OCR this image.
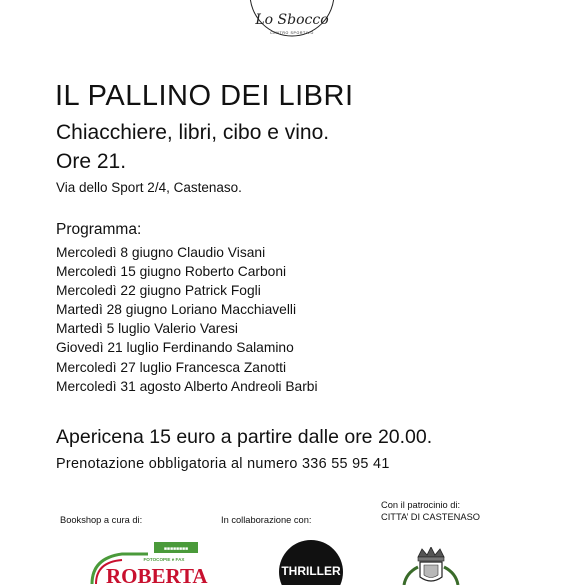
Lo Sbocco
CENTRO SPORTIVO
IL PALLINO DEI LIBRI
Chiacchiere, libri, cibo e vino.
Ore 21.
Via dello Sport 2/4, Castenaso.
Programma:
Mercoledì 8 giugno Claudio Visani
Mercoledì 15 giugno Roberto Carboni
Mercoledì 22 giugno Patrick Fogli
Martedì 28 giugno Loriano Macchiavelli
Martedì 5 luglio Valerio Varesi
Giovedì 21 luglio Ferdinando Salamino
Mercoledì 27 luglio Francesca Zanotti
Mercoledì 31 agosto Alberto Andreoli Barbi
Apericena 15 euro a partire dalle ore 20.00.
Prenotazione obbligatoria al numero 336 55 95 41
Bookshop a cura di:	In collaborazione con:
Con il patrocinio di:
CITTA’ DI CASTENASO
■■■■■■■■
FOTOCOPIE e FAX
ROBERTA	THRILLER
